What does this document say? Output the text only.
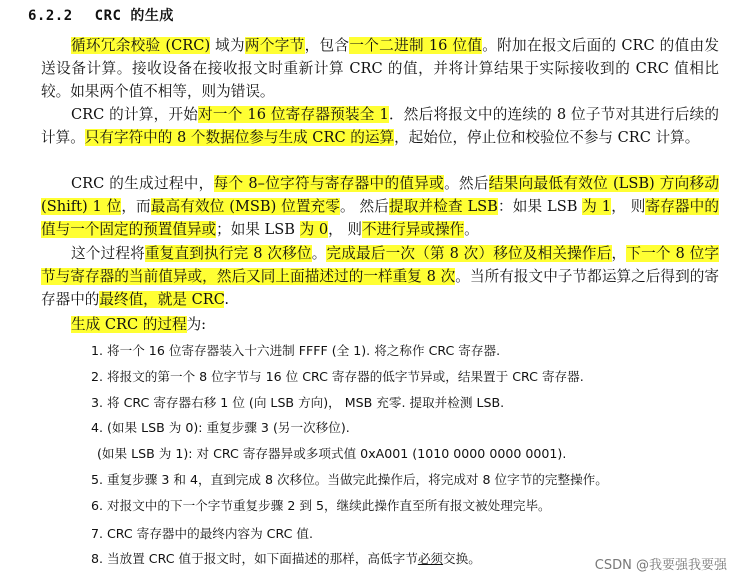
6.2.2 CRC 的生成

循环冗余校验 (CRC) 域为两个字节，包含一个二进制 16 位值。附加在报文后面的 CRC 的值由发送设备计算。接收设备在接收报文时重新计算 CRC 的值，并将计算结果于实际接收到的 CRC 值相比较。如果两个值不相等，则为错误。

CRC 的计算，开始对一个 16 位寄存器预装全 1．然后将报文中的连续的 8 位子节对其进行后续的计算。只有字符中的 8 个数据位参与生成 CRC 的运算，起始位，停止位和校验位不参与 CRC 计算。

CRC 的生成过程中，每个 8–位字符与寄存器中的值异或。然后结果向最低有效位 (LSB) 方向移动(Shift) 1 位，而最高有效位 (MSB) 位置充零。 然后提取并检查 LSB：如果 LSB 为 1， 则寄存器中的值与一个固定的预置值异或；如果 LSB 为 0， 则不进行异或操作。

这个过程将重复直到执行完 8 次移位。完成最后一次（第 8 次）移位及相关操作后，下一个 8 位字节与寄存器的当前值异或，然后又同上面描述过的一样重复 8 次。当所有报文中子节都运算之后得到的寄存器中的最终值，就是 CRC.

生成 CRC 的过程为:

1. 将一个 16 位寄存器装入十六进制 FFFF (全 1). 将之称作 CRC 寄存器.
2. 将报文的第一个 8 位字节与 16 位 CRC 寄存器的低字节异或，结果置于 CRC 寄存器.
3. 将 CRC 寄存器右移 1 位 (向 LSB 方向)， MSB 充零. 提取并检测 LSB.
4. (如果 LSB 为 0): 重复步骤 3 (另一次移位).
(如果 LSB 为 1): 对 CRC 寄存器异或多项式值 0xA001 (1010 0000 0000 0001).
5. 重复步骤 3 和 4，直到完成 8 次移位。当做完此操作后，将完成对 8 位字节的完整操作。
6. 对报文中的下一个字节重复步骤 2 到 5，继续此操作直至所有报文被处理完毕。
7. CRC 寄存器中的最终内容为 CRC 值.
8. 当放置 CRC 值于报文时，如下面描述的那样，高低字节必须交换。	CSDN @我要强我要强
